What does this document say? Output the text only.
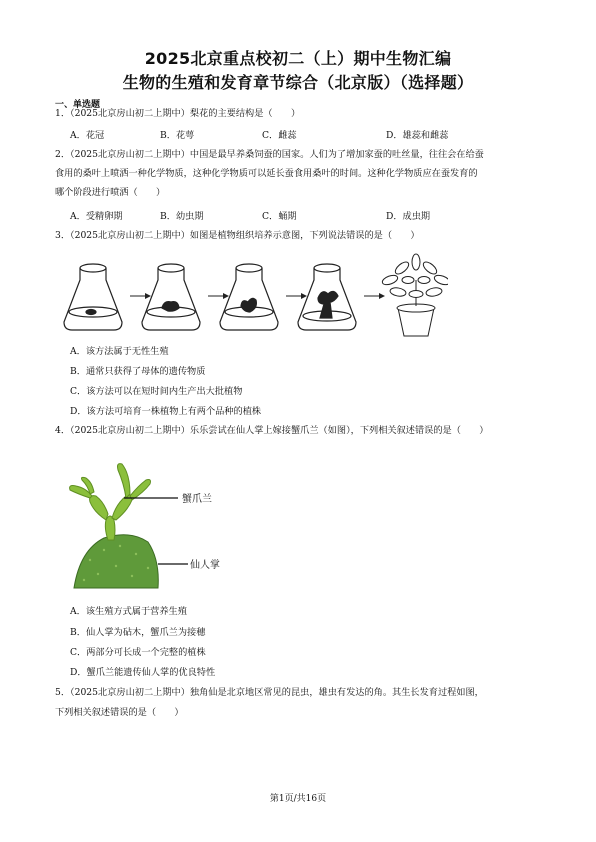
2025北京重点校初二（上）期中生物汇编
生物的生殖和发育章节综合（北京版）（选择题）
一、单选题
1．（2025北京房山初二上期中）梨花的主要结构是（　　）
A．花冠	B．花萼	C．雌蕊	D．雄蕊和雌蕊
2．（2025北京房山初二上期中）中国是最早养桑饲蚕的国家。人们为了增加家蚕的吐丝量，往往会在给蚕
食用的桑叶上喷洒一种化学物质，这种化学物质可以延长蚕食用桑叶的时间。这种化学物质应在蚕发育的
哪个阶段进行喷洒（　　）
A．受精卵期	B．幼虫期	C．蛹期	D．成虫期
3．（2025北京房山初二上期中）如图是植物组织培养示意图，下列说法错误的是（　　）
A．该方法属于无性生殖
B．通常只获得了母体的遗传物质
C．该方法可以在短时间内生产出大批植物
D．该方法可培育一株植物上有两个品种的植株
4．（2025北京房山初二上期中）乐乐尝试在仙人掌上嫁接蟹爪兰（如图），下列相关叙述错误的是（　　）
蟹爪兰
仙人掌
A．该生殖方式属于营养生殖
B．仙人掌为砧木，蟹爪兰为接穗
C．两部分可长成一个完整的植株
D．蟹爪兰能遗传仙人掌的优良特性
5．（2025北京房山初二上期中）独角仙是北京地区常见的昆虫，雄虫有发达的角。其生长发育过程如图，
下列相关叙述错误的是（　　）
第1页/共16页
